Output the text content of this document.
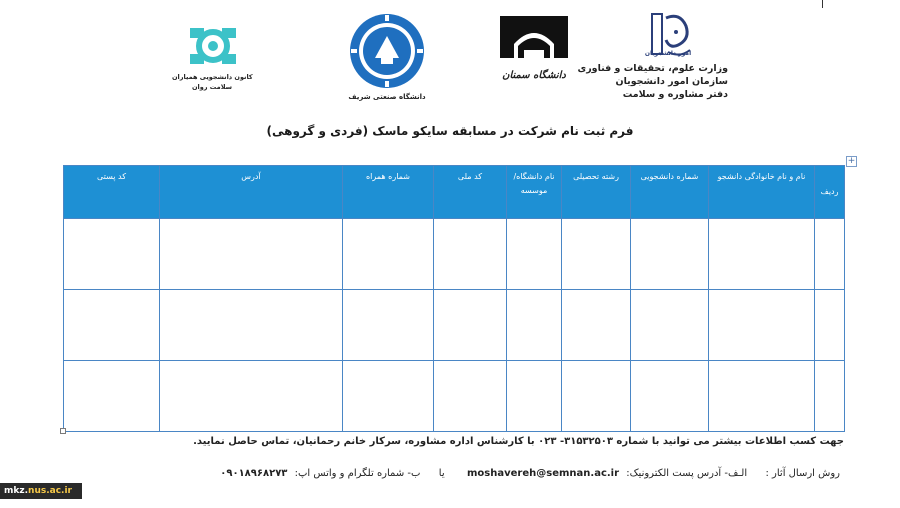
کانون دانشجویی همیاران
سلامت روان
دانشگاه صنعتی شریف
دانشگاه سمنان
امور دانشجویان
وزارت علوم، تحقیقات و فناوری
سازمان امور دانشجویان
دفتر مشاوره و سلامت
فرم ثبت نام شرکت در مسابقه سایکو ماسک (فردی و گروهی)
+
ردیف	نام و نام خانوادگی دانشجو	شماره دانشجویی	رشته تحصیلی	نام دانشگاه/ موسسه	کد ملی	شماره همراه	آدرس	کد پستی

جهت کسب اطلاعات بیشتر می توانید با شماره ۳۱۵۳۲۵۰۳- ۰۲۳ با کارشناس اداره مشاوره، سرکار خانم رحمانیان، تماس حاصل نمایید.
روش ارسال آثار :  الـف- آدرس پست الکترونیک: moshavereh@semnan.ac.ir  یا  ب- شماره تلگرام و واتس اپ: ۰۹۰۱۸۹۶۸۲۷۳
mkz.nus.ac.ir
